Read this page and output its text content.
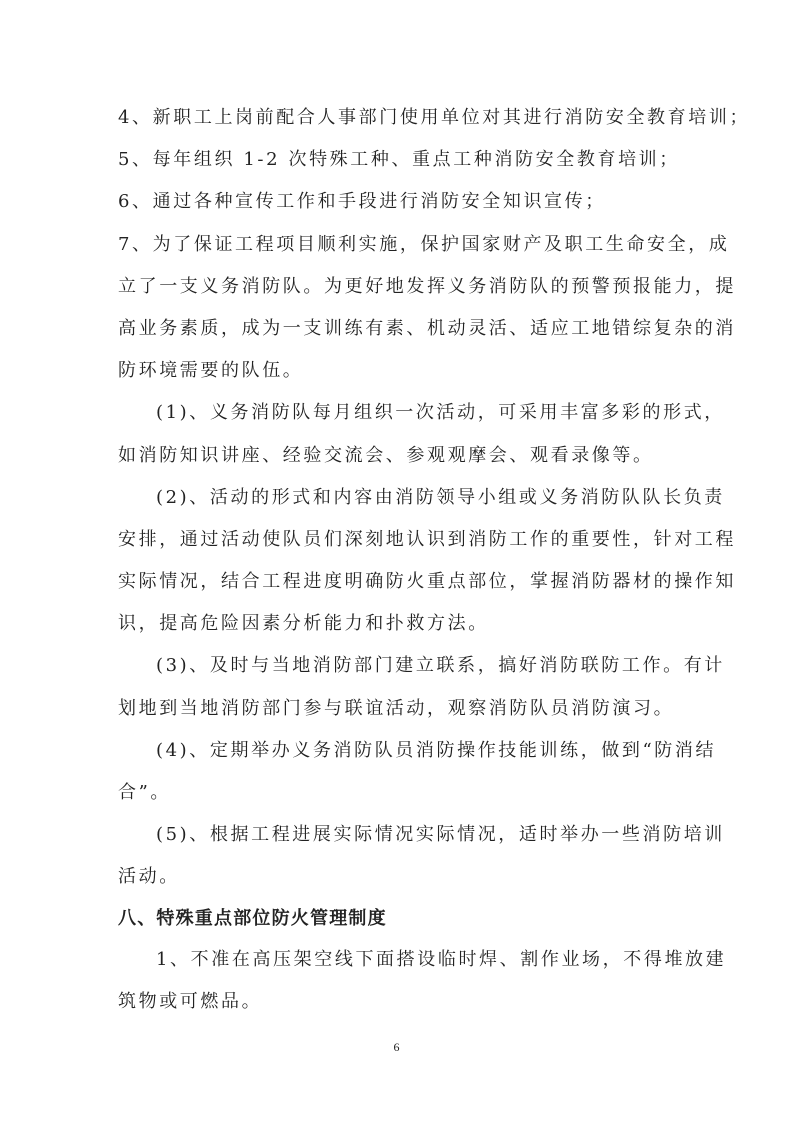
4、新职工上岗前配合人事部门使用单位对其进行消防安全教育培训；
5、每年组织 1-2 次特殊工种、重点工种消防安全教育培训；
6、通过各种宣传工作和手段进行消防安全知识宣传；
7、为了保证工程项目顺利实施，保护国家财产及职工生命安全，成
立了一支义务消防队。为更好地发挥义务消防队的预警预报能力，提
高业务素质，成为一支训练有素、机动灵活、适应工地错综复杂的消
防环境需要的队伍。
(1)、义务消防队每月组织一次活动，可采用丰富多彩的形式，
如消防知识讲座、经验交流会、参观观摩会、观看录像等。
(2)、活动的形式和内容由消防领导小组或义务消防队队长负责
安排，通过活动使队员们深刻地认识到消防工作的重要性，针对工程
实际情况，结合工程进度明确防火重点部位，掌握消防器材的操作知
识，提高危险因素分析能力和扑救方法。
(3)、及时与当地消防部门建立联系，搞好消防联防工作。有计
划地到当地消防部门参与联谊活动，观察消防队员消防演习。
(4)、定期举办义务消防队员消防操作技能训练，做到“防消结
合”。
(5)、根据工程进展实际情况实际情况，适时举办一些消防培训
活动。
八、特殊重点部位防火管理制度
1、不准在高压架空线下面搭设临时焊、割作业场，不得堆放建
筑物或可燃品。
6
